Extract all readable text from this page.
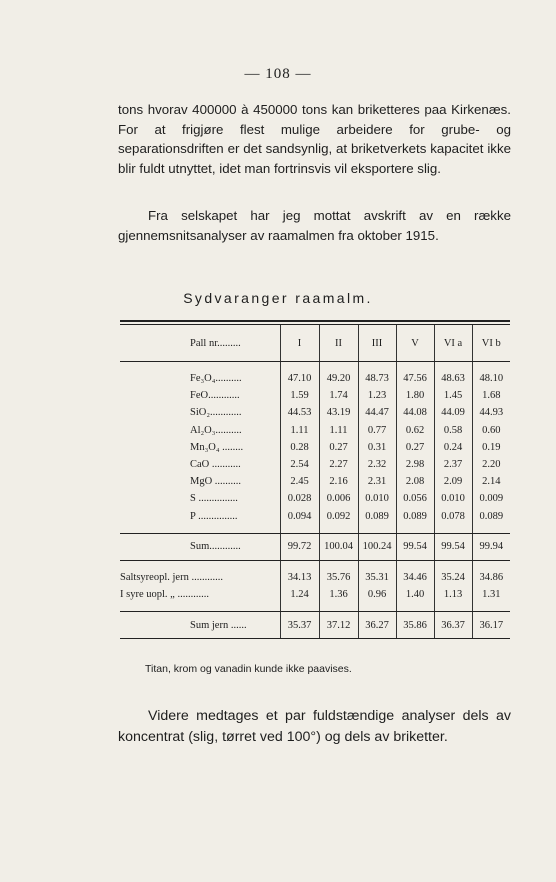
— 108 —

tons hvorav 400000 à 450000 tons kan briketteres paa Kirkenæs. For at frigjøre flest mulige arbeidere for grube- og separationsdriften er det sandsynlig, at briketverkets kapacitet ikke blir fuldt utnyttet, idet man fortrinsvis vil eksportere slig.

Fra selskapet har jeg mottat avskrift av en række gjennemsnitsanalyser av raamalmen fra oktober 1915.

Sydvaranger raamalm.
Pall nr.........	I	II	III	V	VI a	VI b

Fe₃O₄..........	47.10	49.20	48.73	47.56	48.63	48.10
FeO............	1.59	1.74	1.23	1.80	1.45	1.68
SiO₂............	44.53	43.19	44.47	44.08	44.09	44.93
Al₂O₃..........	1.11	1.11	0.77	0.62	0.58	0.60
Mn₃O₄ ........	0.28	0.27	0.31	0.27	0.24	0.19
CaO ...........	2.54	2.27	2.32	2.98	2.37	2.20
MgO ..........	2.45	2.16	2.31	2.08	2.09	2.14
S ...............	0.028	0.006	0.010	0.056	0.010	0.009
P ...............	0.094	0.092	0.089	0.089	0.078	0.089

Sum............	99.72	100.04	100.24	99.54	99.54	99.94

Saltsyreopl. jern ............	34.13	35.76	35.31	34.46	35.24	34.86
I syre uopl. „ ............	1.24	1.36	0.96	1.40	1.13	1.31

Sum jern ......	35.37	37.12	36.27	35.86	36.37	36.17
Titan, krom og vanadin kunde ikke paavises.

Videre medtages et par fuldstændige analyser dels av koncentrat (slig, tørret ved 100°) og dels av briketter.
